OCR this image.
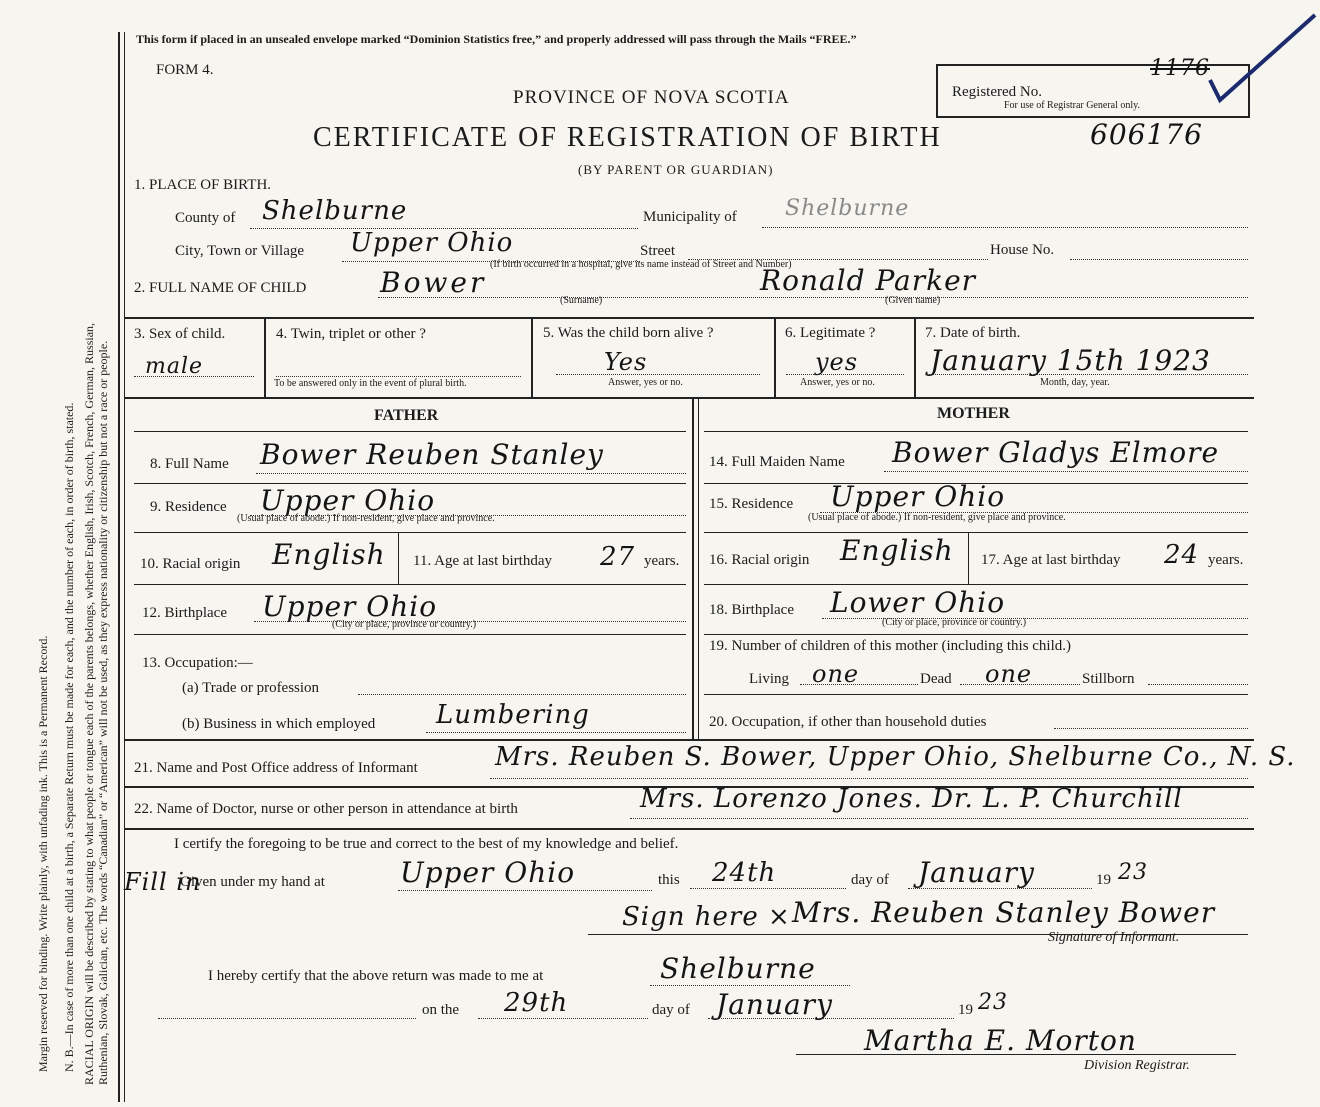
Margin reserved for binding. Write plainly, with unfading ink. This is a Permanent Record. N. B.—In case of more than one child at a birth, a Separate Return must be made for each, and the number of each, in order of birth, stated. RACIAL ORIGIN will be described by stating to what people or tongue each of the parents belongs, whether English, Irish, Scotch, French, German, Russian, Ruthenian, Slovak, Galician, etc. The words “Canadian” or “American” will not be used, as they express nationality or citizenship but not a race or people.
This form if placed in an unsealed envelope marked “Dominion Statistics free,” and properly addressed will pass through the Mails “FREE.”
FORM 4.
Registered No.
For use of Registrar General only.
1176
PROVINCE OF NOVA SCOTIA
CERTIFICATE OF REGISTRATION OF BIRTH	606176
(BY PARENT OR GUARDIAN)
1. PLACE OF BIRTH.
County of Shelburne	Municipality of Shelburne
City, Town or Village Upper Ohio
(If birth occurred in a hospital, give its name instead of Street and Number)
Street	House No.
2. FULL NAME OF CHILD	Bower
(Surname)
Ronald Parker
(Given name)
3. Sex of child.
male
4. Twin, triplet or other ?
To be answered only in the event of plural birth.
5. Was the child born alive ?
Yes
Answer, yes or no.
6. Legitimate ?
yes
Answer, yes or no.
7. Date of birth.
January 15th 1923
Month, day, year.
FATHER	MOTHER
8. Full Name Bower Reuben Stanley
9. Residence Upper Ohio
(Usual place of abode.) If non-resident, give place and province.
10. Racial origin English 11. Age at last birthday 27 years.
12. Birthplace Upper Ohio
(City or place, province or country.)
13. Occupation:—
(a) Trade or profession
(b) Business in which employed Lumbering
14. Full Maiden Name Bower Gladys Elmore
15. Residence Upper Ohio
(Usual place of abode.) If non-resident, give place and province.
16. Racial origin English 17. Age at last birthday 24 years.
18. Birthplace Lower Ohio
(City or place, province or country.)
19. Number of children of this mother (including this child.)
Living one	Dead one	Stillborn
20. Occupation, if other than household duties
21. Name and Post Office address of Informant	Mrs. Reuben S. Bower, Upper Ohio, Shelburne Co., N. S.
22. Name of Doctor, nurse or other person in attendance at birth	Mrs. Lorenzo Jones. Dr. L. P. Churchill
I certify the foregoing to be true and correct to the best of my knowledge and belief.
Fill in
Given under my hand at	Upper Ohio	this 24th	day of January	19 23
Sign here × Mrs. Reuben Stanley Bower
Signature of Informant.
I hereby certify that the above return was made to me at	Shelburne
on the 29th	day of January	19 23
Martha E. Morton
Division Registrar.
